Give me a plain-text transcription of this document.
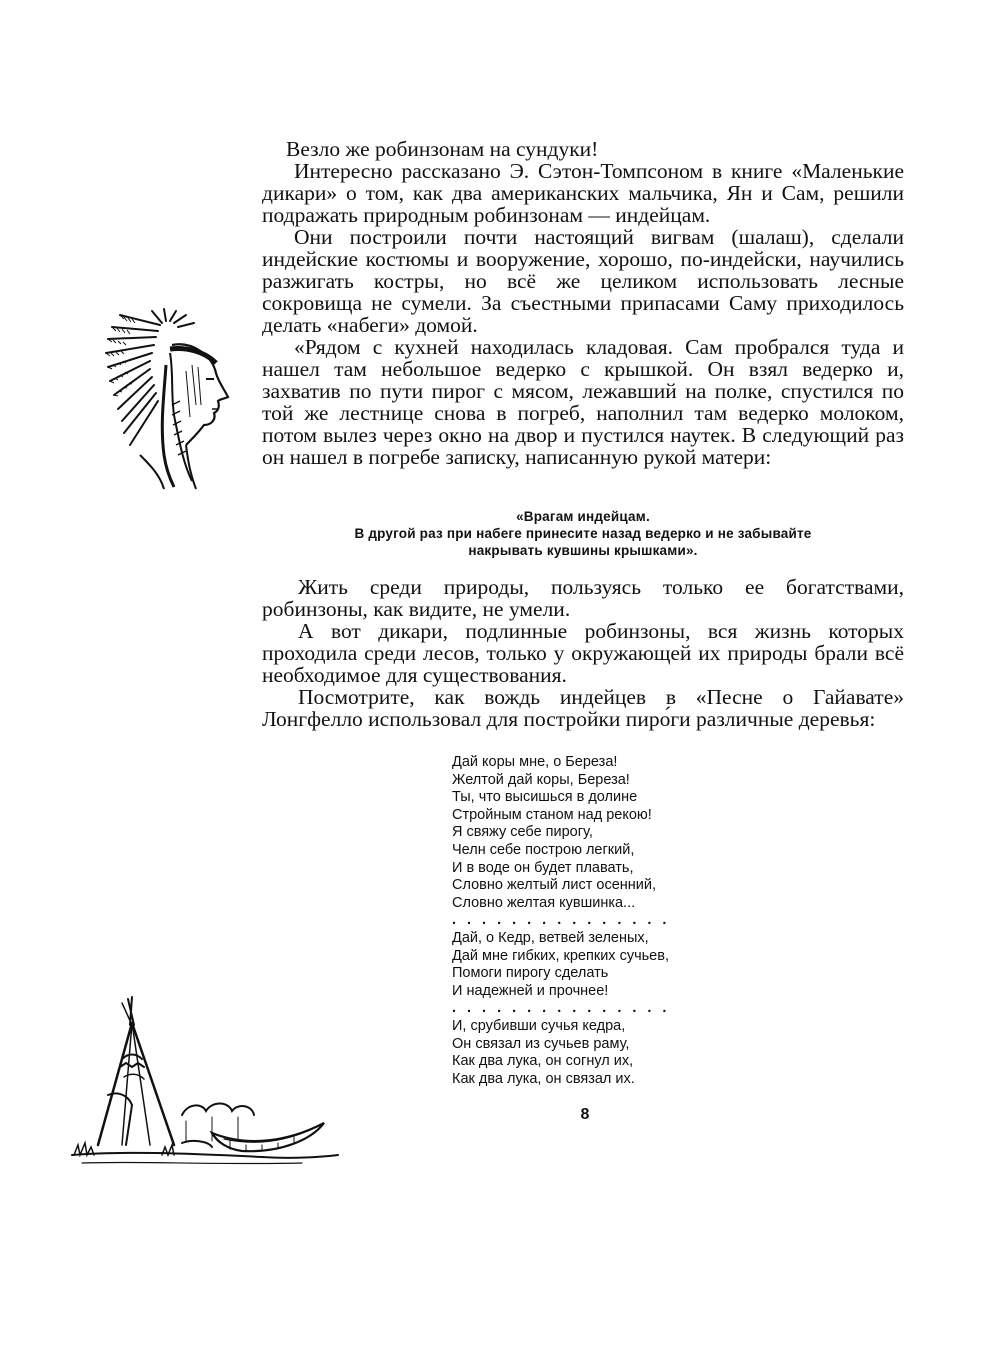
Везло же робинзонам на сундуки!

Интересно рассказано Э. Сэтон-Томпсоном в книге «Маленькие дикари» о том, как два американских мальчика, Ян и Сам, решили подражать природным робинзонам — индейцам.

Они построили почти настоящий вигвам (шалаш), сделали индейские костюмы и вооружение, хорошо, по-индейски, научились разжигать костры, но всё же целиком использовать лесные сокровища не сумели. За съестными припасами Саму приходилось делать «набеги» домой.

«Рядом с кухней находилась кладовая. Сам пробрался туда и нашел там небольшое ведерко с крышкой. Он взял ведерко и, захватив по пути пирог с мясом, лежавший на полке, спустился по той же лестнице снова в погреб, наполнил там ведерко молоком, потом вылез через окно на двор и пустился наутек. В следующий раз он нашел в погребе записку, написанную рукой матери:

«Врагам индейцам.
В другой раз при набеге принесите назад ведерко и не забывайте
накрывать кувшины крышками».

Жить среди природы, пользуясь только ее богатствами, робинзоны, как видите, не умели.

А вот дикари, подлинные робинзоны, вся жизнь которых проходила среди лесов, только у окружающей их природы брали всё необходимое для существования.

Посмотрите, как вождь индейцев в «Песне о Гайавате» Лонгфелло использовал для постройки пиро́ги различные деревья:

Дай коры мне, о Береза!
Желтой дай коры, Береза!
Ты, что высишься в долине
Стройным станом над рекою!
Я свяжу себе пирогу,
Челн себе построю легкий,
И в воде он будет плавать,
Словно желтый лист осенний,
Словно желтая кувшинка...
...............
Дай, о Кедр, ветвей зеленых,
Дай мне гибких, крепких сучьев,
Помоги пирогу сделать
И надежней и прочнее!
...............
И, срубивши сучья кедра,
Он связал из сучьев раму,
Как два лука, он согнул их,
Как два лука, он связал их.
8
